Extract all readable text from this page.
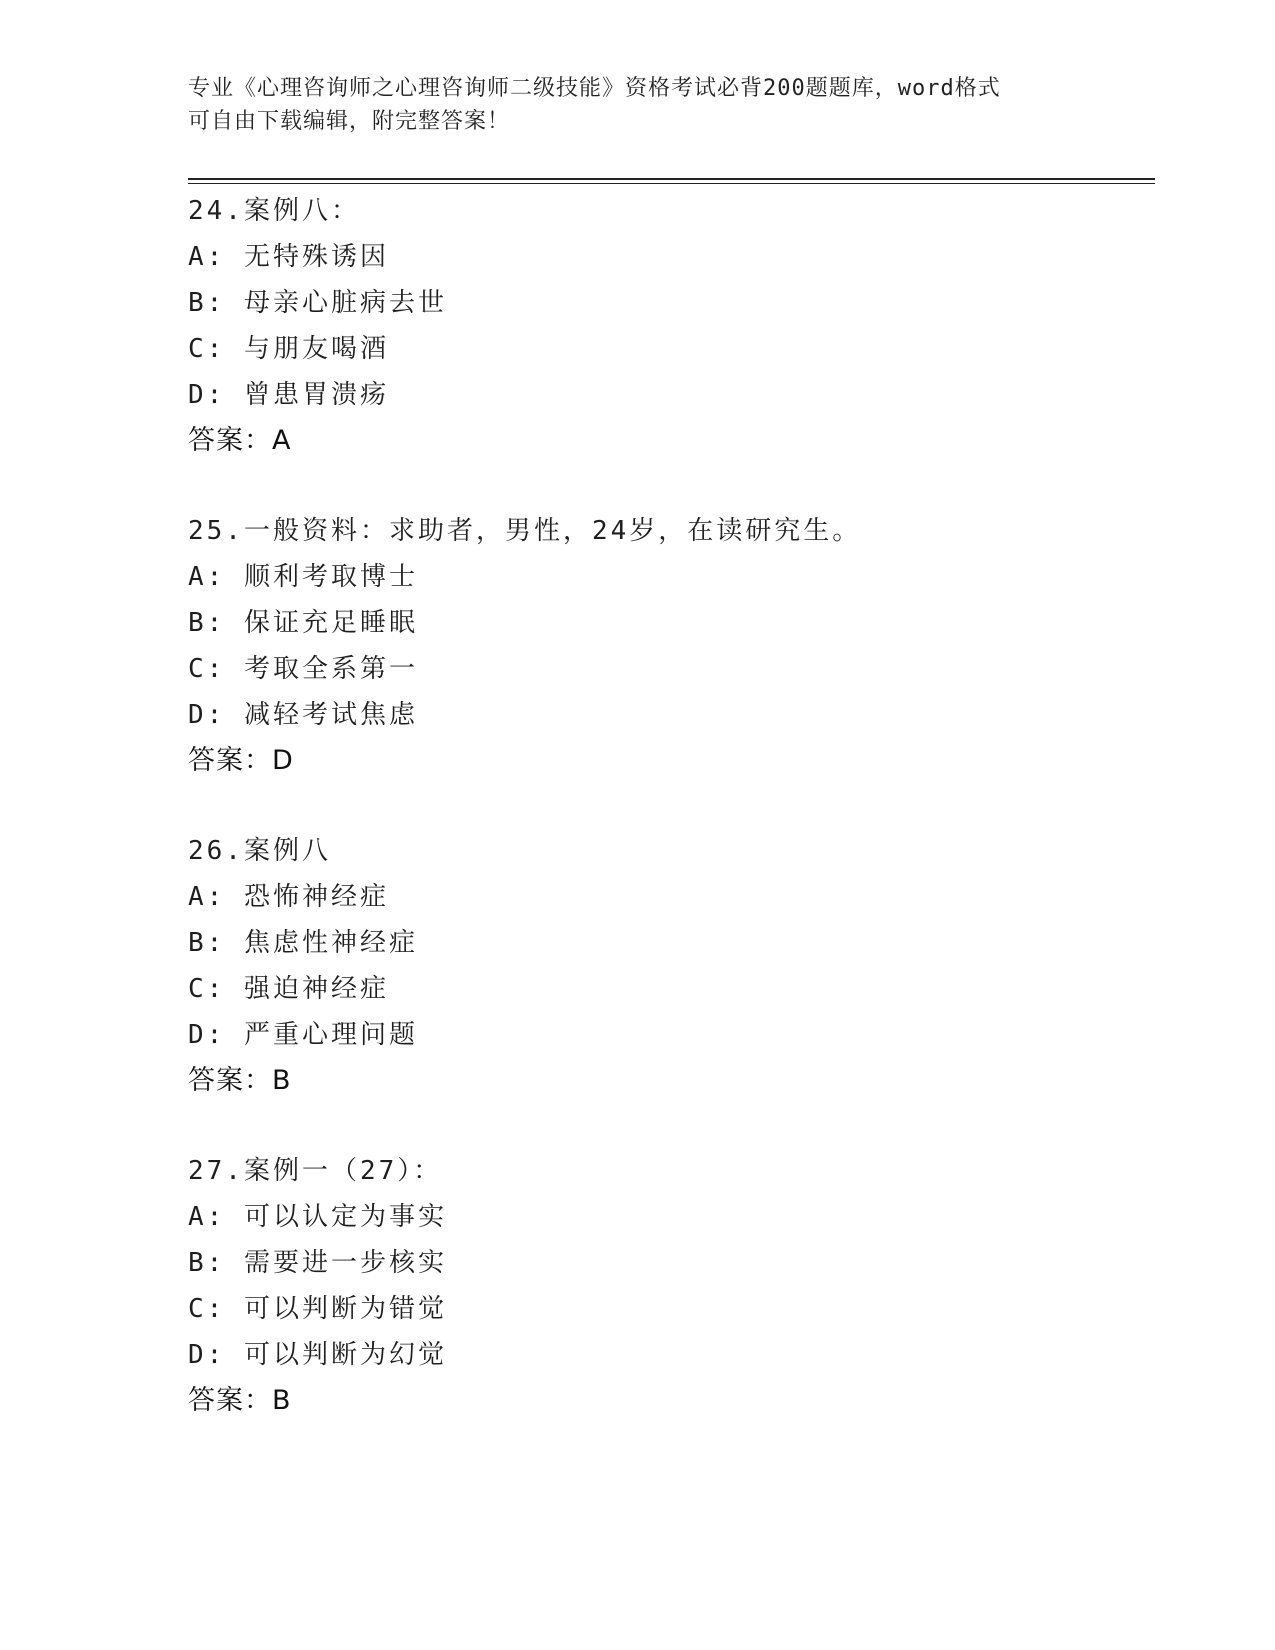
专业《心理咨询师之心理咨询师二级技能》资格考试必背200题题库，word格式
可自由下载编辑，附完整答案！
24.案例八：
A: 无特殊诱因
B: 母亲心脏病去世
C: 与朋友喝酒
D: 曾患胃溃疡
答案：A
25.一般资料：求助者，男性，24岁，在读研究生。
A: 顺利考取博士
B: 保证充足睡眠
C: 考取全系第一
D: 减轻考试焦虑
答案：D
26.案例八
A: 恐怖神经症
B: 焦虑性神经症
C: 强迫神经症
D: 严重心理问题
答案：B
27.案例一（27）：
A: 可以认定为事实
B: 需要进一步核实
C: 可以判断为错觉
D: 可以判断为幻觉
答案：B
